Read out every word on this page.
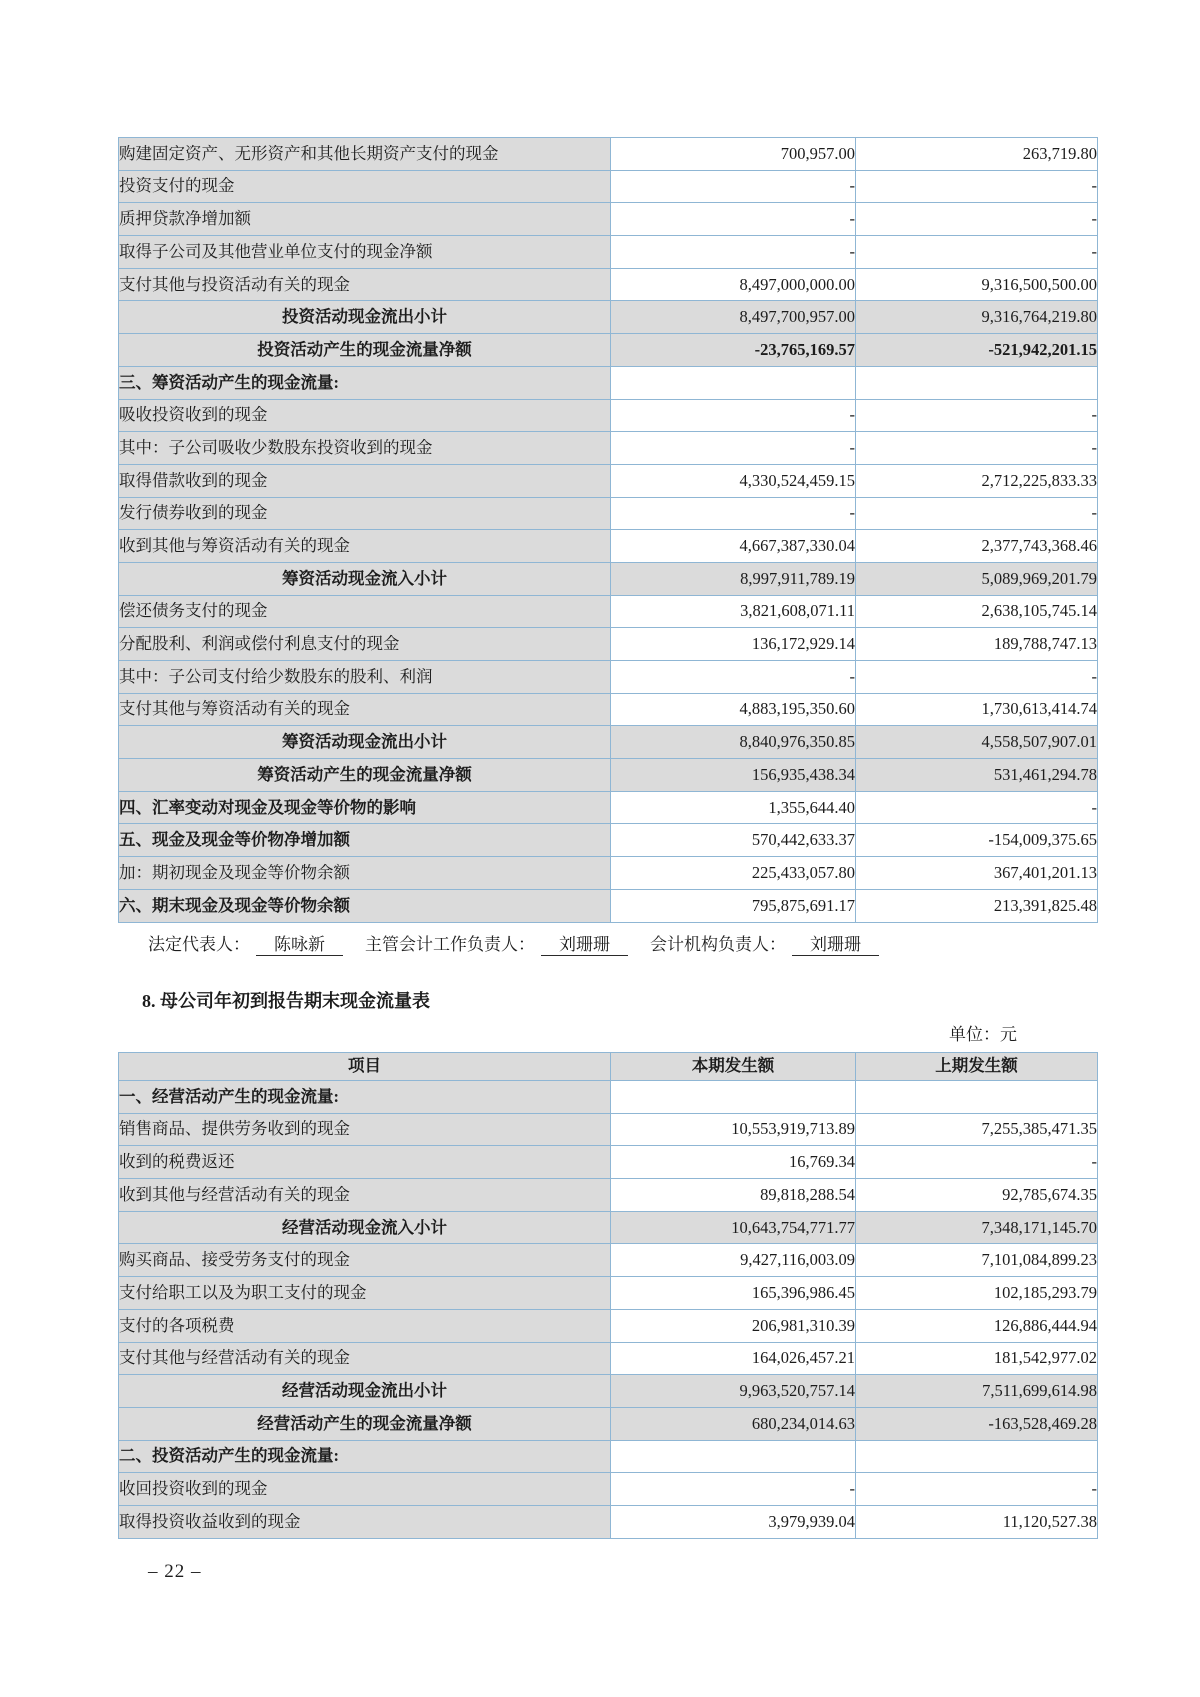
购建固定资产、无形资产和其他长期资产支付的现金	700,957.00	263,719.80
投资支付的现金	-	-
质押贷款净增加额	-	-
取得子公司及其他营业单位支付的现金净额	-	-
支付其他与投资活动有关的现金	8,497,000,000.00	9,316,500,500.00
投资活动现金流出小计	8,497,700,957.00	9,316,764,219.80
投资活动产生的现金流量净额	-23,765,169.57	-521,942,201.15
三、筹资活动产生的现金流量:		
吸收投资收到的现金	-	-
其中：子公司吸收少数股东投资收到的现金	-	-
取得借款收到的现金	4,330,524,459.15	2,712,225,833.33
发行债券收到的现金	-	-
收到其他与筹资活动有关的现金	4,667,387,330.04	2,377,743,368.46
筹资活动现金流入小计	8,997,911,789.19	5,089,969,201.79
偿还债务支付的现金	3,821,608,071.11	2,638,105,745.14
分配股利、利润或偿付利息支付的现金	136,172,929.14	189,788,747.13
其中：子公司支付给少数股东的股利、利润	-	-
支付其他与筹资活动有关的现金	4,883,195,350.60	1,730,613,414.74
筹资活动现金流出小计	8,840,976,350.85	4,558,507,907.01
筹资活动产生的现金流量净额	156,935,438.34	531,461,294.78
四、汇率变动对现金及现金等价物的影响	1,355,644.40	-
五、现金及现金等价物净增加额	570,442,633.37	-154,009,375.65
加：期初现金及现金等价物余额	225,433,057.80	367,401,201.13
六、期末现金及现金等价物余额	795,875,691.17	213,391,825.48
法定代表人： 陈咏新 主管会计工作负责人： 刘珊珊 会计机构负责人： 刘珊珊
8. 母公司年初到报告期末现金流量表
单位：元
项目	本期发生额	上期发生额
一、经营活动产生的现金流量:		
销售商品、提供劳务收到的现金	10,553,919,713.89	7,255,385,471.35
收到的税费返还	16,769.34	-
收到其他与经营活动有关的现金	89,818,288.54	92,785,674.35
经营活动现金流入小计	10,643,754,771.77	7,348,171,145.70
购买商品、接受劳务支付的现金	9,427,116,003.09	7,101,084,899.23
支付给职工以及为职工支付的现金	165,396,986.45	102,185,293.79
支付的各项税费	206,981,310.39	126,886,444.94
支付其他与经营活动有关的现金	164,026,457.21	181,542,977.02
经营活动现金流出小计	9,963,520,757.14	7,511,699,614.98
经营活动产生的现金流量净额	680,234,014.63	-163,528,469.28
二、投资活动产生的现金流量:		
收回投资收到的现金	-	-
取得投资收益收到的现金	3,979,939.04	11,120,527.38
– 22 –
